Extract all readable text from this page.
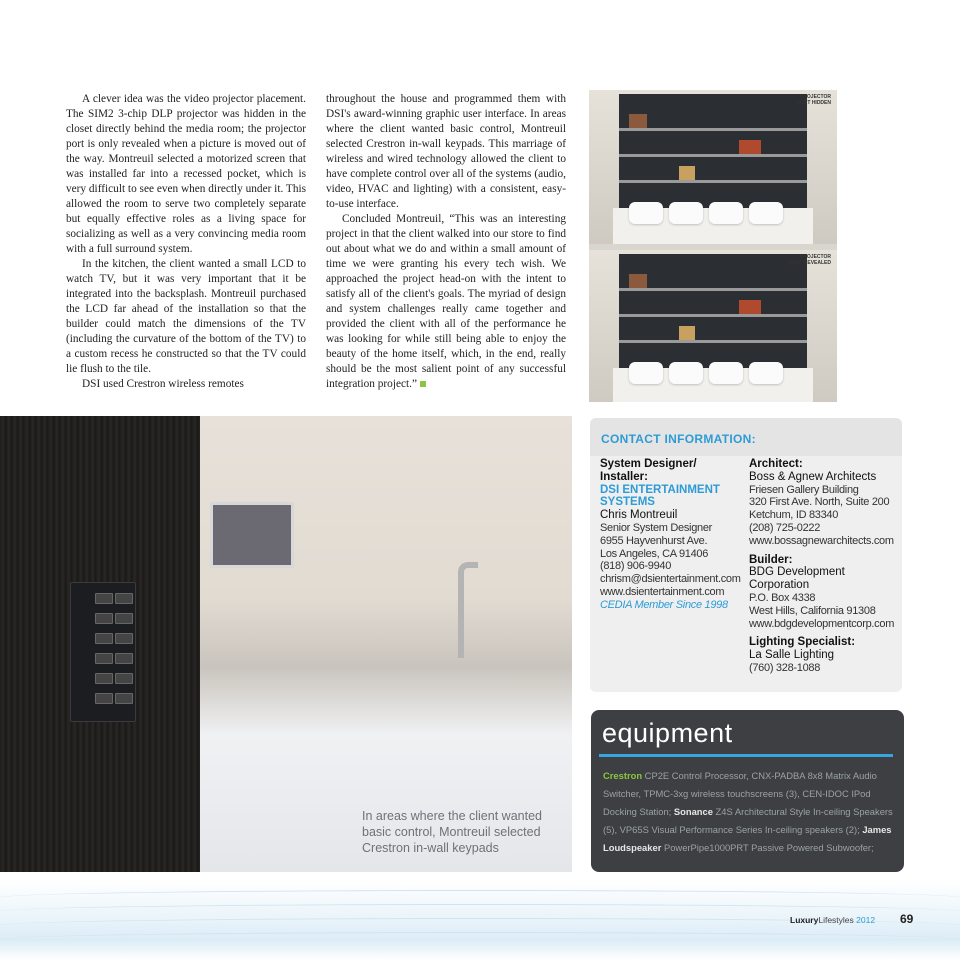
A clever idea was the video projector placement. The SIM2 3-chip DLP projector was hidden in the closet directly behind the media room; the projector port is only revealed when a picture is moved out of the way. Montreuil selected a motorized screen that was installed far into a recessed pocket, which is very difficult to see even when directly under it. This allowed the room to serve two completely separate but equally effective roles as a living space for socializing as well as a very convincing media room with a full surround system.

In the kitchen, the client wanted a small LCD to watch TV, but it was very important that it be integrated into the backsplash. Montreuil purchased the LCD far ahead of the installation so that the builder could match the dimensions of the TV (including the curvature of the bottom of the TV) to a custom recess he constructed so that the TV could lie flush to the tile.

DSI used Crestron wireless remotes

throughout the house and programmed them with DSI's award-winning graphic user interface. In areas where the client wanted basic control, Montreuil selected Crestron in-wall keypads. This marriage of wireless and wired technology allowed the client to have complete control over all of the systems (audio, video, HVAC and lighting) with a consistent, easy-to-use interface.

Concluded Montreuil, “This was an interesting project in that the client walked into our store to find out about what we do and within a small amount of time we were granting his every tech wish. We approached the project head-on with the intent to satisfy all of the client's goals. The myriad of design and system challenges really came together and provided the client with all of the performance he was looking for while still being able to enjoy the beauty of the home itself, which, in the end, really should be the most salient point of any successful integration project.”

PROJECTOR
PORT HIDDEN
PROJECTOR
PORT REVEALED
In areas where the client wanted basic control, Montreuil selected Crestron in-wall keypads
CONTACT INFORMATION:
System Designer/
Installer:
DSI ENTERTAINMENT
SYSTEMS
Chris Montreuil
Senior System Designer
6955 Hayvenhurst Ave.
Los Angeles, CA 91406
(818) 906-9940
chrism@dsientertainment.com
www.dsientertainment.com
CEDIA Member Since 1998
Architect:
Boss & Agnew Architects
Friesen Gallery Building
320 First Ave. North, Suite 200
Ketchum, ID 83340
(208) 725-0222
www.bossagnewarchitects.com
Builder:
BDG Development
Corporation
P.O. Box 4338
West Hills, California 91308
www.bdgdevelopmentcorp.com
Lighting Specialist:
La Salle Lighting
(760) 328-1088
equipment
Crestron CP2E Control Processor, CNX-PADBA 8x8 Matrix Audio Switcher, TPMC-3xg wireless touchscreens (3), CEN-IDOC IPod Docking Station; Sonance Z4S Architectural Style In-ceiling Speakers (5), VP65S Visual Performance Series In-ceiling speakers (2); James Loudspeaker PowerPipe1000PRT Passive Powered Subwoofer;
LuxuryLifestyles 2012 69
